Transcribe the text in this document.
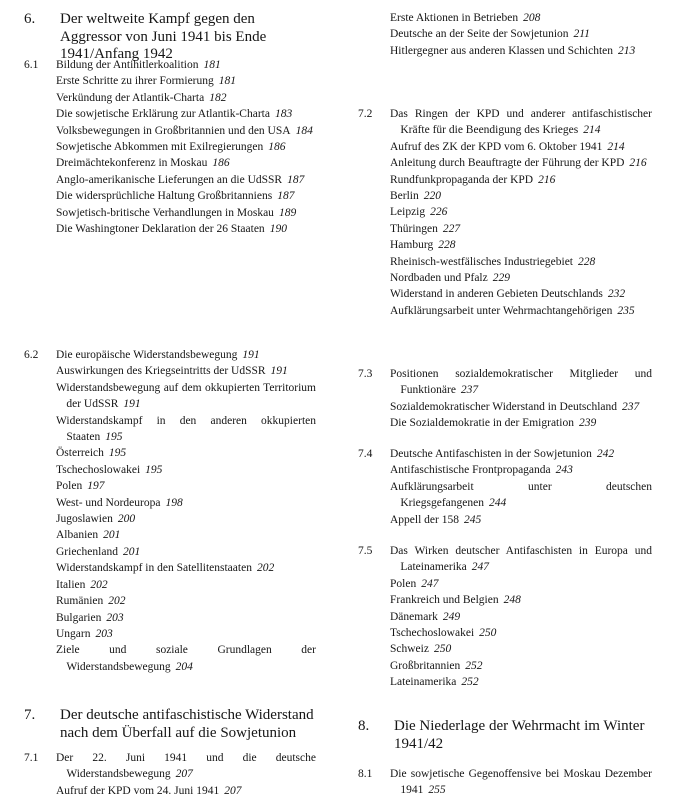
6.	Der weltweite Kampf gegen den Aggressor von Juni 1941 bis Ende 1941/Anfang 1942
6.1	Bildung der Antihitlerkoalition 181
Erste Schritte zu ihrer Formierung 181
Verkündung der Atlantik-Charta 182
Die sowjetische Erklärung zur Atlantik-Charta 183
Volksbewegungen in Großbritannien und den USA 184
Sowjetische Abkommen mit Exilregierungen 186
Dreimächtekonferenz in Moskau 186
Anglo-amerikanische Lieferungen an die UdSSR 187
Die widersprüchliche Haltung Großbritanniens 187
Sowjetisch-britische Verhandlungen in Moskau 189
Die Washingtoner Deklaration der 26 Staaten 190
6.2	Die europäische Widerstandsbewegung 191
Auswirkungen des Kriegseintritts der UdSSR 191
Widerstandsbewegung auf dem okkupierten Territorium der UdSSR 191
Widerstandskampf in den anderen okkupierten Staaten 195
Österreich 195
Tschechoslowakei 195
Polen 197
West- und Nordeuropa 198
Jugoslawien 200
Albanien 201
Griechenland 201
Widerstandskampf in den Satellitenstaaten 202
Italien 202
Rumänien 202
Bulgarien 203
Ungarn 203
Ziele und soziale Grundlagen der Widerstandsbewegung 204
7.	Der deutsche antifaschistische Widerstand nach dem Überfall auf die Sowjetunion
7.1	Der 22. Juni 1941 und die deutsche Widerstandsbewegung 207
Aufruf der KPD vom 24. Juni 1941 207
Erste Aktionen in Betrieben 208
Deutsche an der Seite der Sowjetunion 211
Hitlergegner aus anderen Klassen und Schichten 213
7.2	Das Ringen der KPD und anderer antifaschistischer Kräfte für die Beendigung des Krieges 214
Aufruf des ZK der KPD vom 6. Oktober 1941 214
Anleitung durch Beauftragte der Führung der KPD 216
Rundfunkpropaganda der KPD 216
Berlin 220
Leipzig 226
Thüringen 227
Hamburg 228
Rheinisch-westfälisches Industriegebiet 228
Nordbaden und Pfalz 229
Widerstand in anderen Gebieten Deutschlands 232
Aufklärungsarbeit unter Wehrmachtangehörigen 235
7.3	Positionen sozialdemokratischer Mitglieder und Funktionäre 237
Sozialdemokratischer Widerstand in Deutschland 237
Die Sozialdemokratie in der Emigration 239
7.4	Deutsche Antifaschisten in der Sowjetunion 242
Antifaschistische Frontpropaganda 243
Aufklärungsarbeit unter deutschen Kriegsgefangenen 244
Appell der 158 245
7.5	Das Wirken deutscher Antifaschisten in Europa und Lateinamerika 247
Polen 247
Frankreich und Belgien 248
Dänemark 249
Tschechoslowakei 250
Schweiz 250
Großbritannien 252
Lateinamerika 252
8.	Die Niederlage der Wehrmacht im Winter 1941/42
8.1	Die sowjetische Gegenoffensive bei Moskau Dezember 1941 255
